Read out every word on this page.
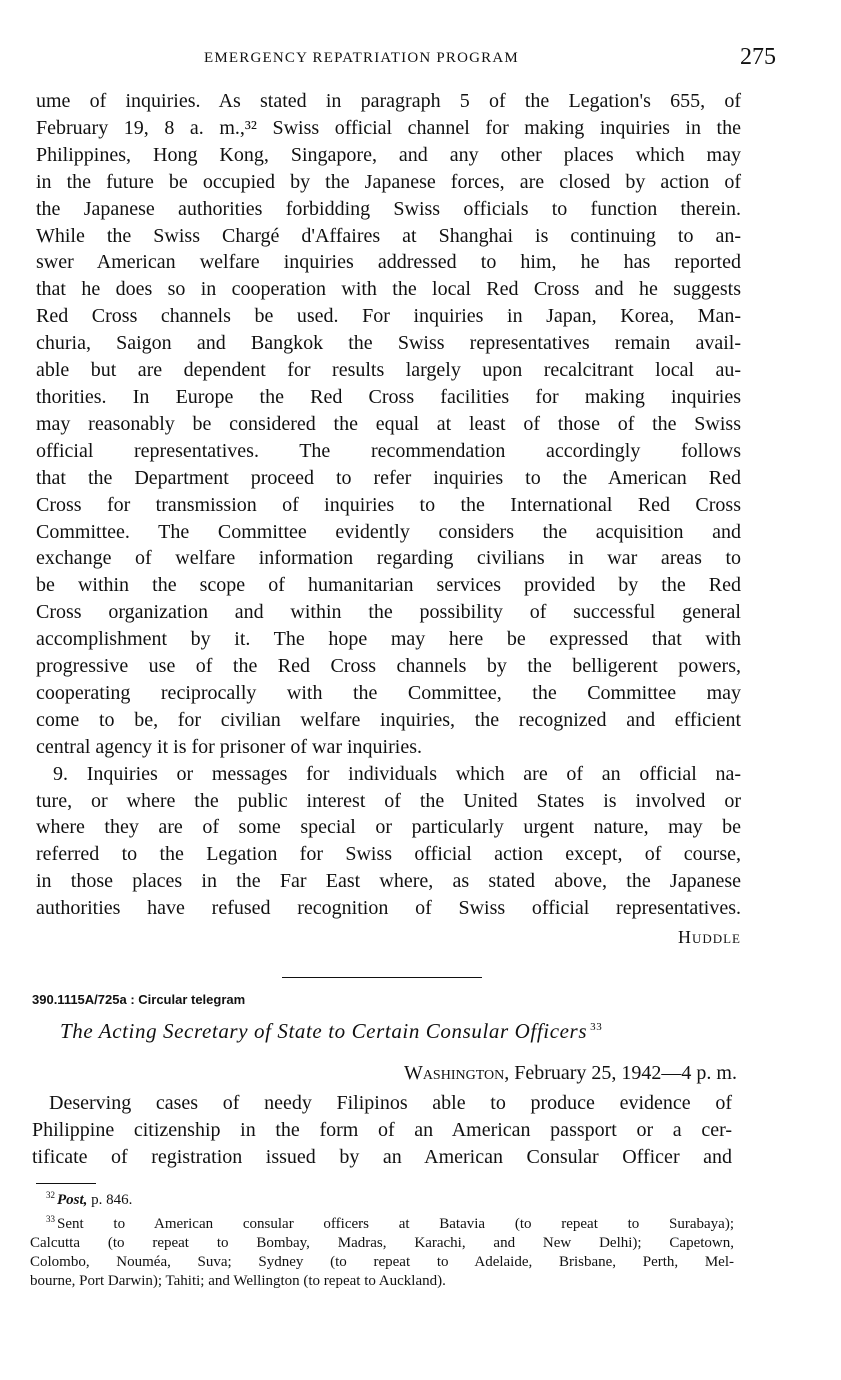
EMERGENCY REPATRIATION PROGRAM	275
ume of inquiries. As stated in paragraph 5 of the Legation's 655, of
February 19, 8 a. m.,³² Swiss official channel for making inquiries in the
Philippines, Hong Kong, Singapore, and any other places which may
in the future be occupied by the Japanese forces, are closed by action of
the Japanese authorities forbidding Swiss officials to function therein.
While the Swiss Chargé d'Affaires at Shanghai is continuing to an-
swer American welfare inquiries addressed to him, he has reported
that he does so in cooperation with the local Red Cross and he suggests
Red Cross channels be used. For inquiries in Japan, Korea, Man-
churia, Saigon and Bangkok the Swiss representatives remain avail-
able but are dependent for results largely upon recalcitrant local au-
thorities. In Europe the Red Cross facilities for making inquiries
may reasonably be considered the equal at least of those of the Swiss
official representatives. The recommendation accordingly follows
that the Department proceed to refer inquiries to the American Red
Cross for transmission of inquiries to the International Red Cross
Committee. The Committee evidently considers the acquisition and
exchange of welfare information regarding civilians in war areas to
be within the scope of humanitarian services provided by the Red
Cross organization and within the possibility of successful general
accomplishment by it. The hope may here be expressed that with
progressive use of the Red Cross channels by the belligerent powers,
cooperating reciprocally with the Committee, the Committee may
come to be, for civilian welfare inquiries, the recognized and efficient
central agency it is for prisoner of war inquiries.
9. Inquiries or messages for individuals which are of an official na-
ture, or where the public interest of the United States is involved or
where they are of some special or particularly urgent nature, may be
referred to the Legation for Swiss official action except, of course,
in those places in the Far East where, as stated above, the Japanese
authorities have refused recognition of Swiss official representatives.
Huddle
390.1115A/725a : Circular telegram
The Acting Secretary of State to Certain Consular Officers $^{33}$
Washington, February 25, 1942—4 p. m.
Deserving cases of needy Filipinos able to produce evidence of
Philippine citizenship in the form of an American passport or a cer-
tificate of registration issued by an American Consular Officer and
$^{32}$ Post, p. 846.
$^{33}$ Sent to American consular officers at Batavia (to repeat to Surabaya);
Calcutta (to repeat to Bombay, Madras, Karachi, and New Delhi); Capetown,
Colombo, Nouméa, Suva; Sydney (to repeat to Adelaide, Brisbane, Perth, Mel-
bourne, Port Darwin); Tahiti; and Wellington (to repeat to Auckland).
